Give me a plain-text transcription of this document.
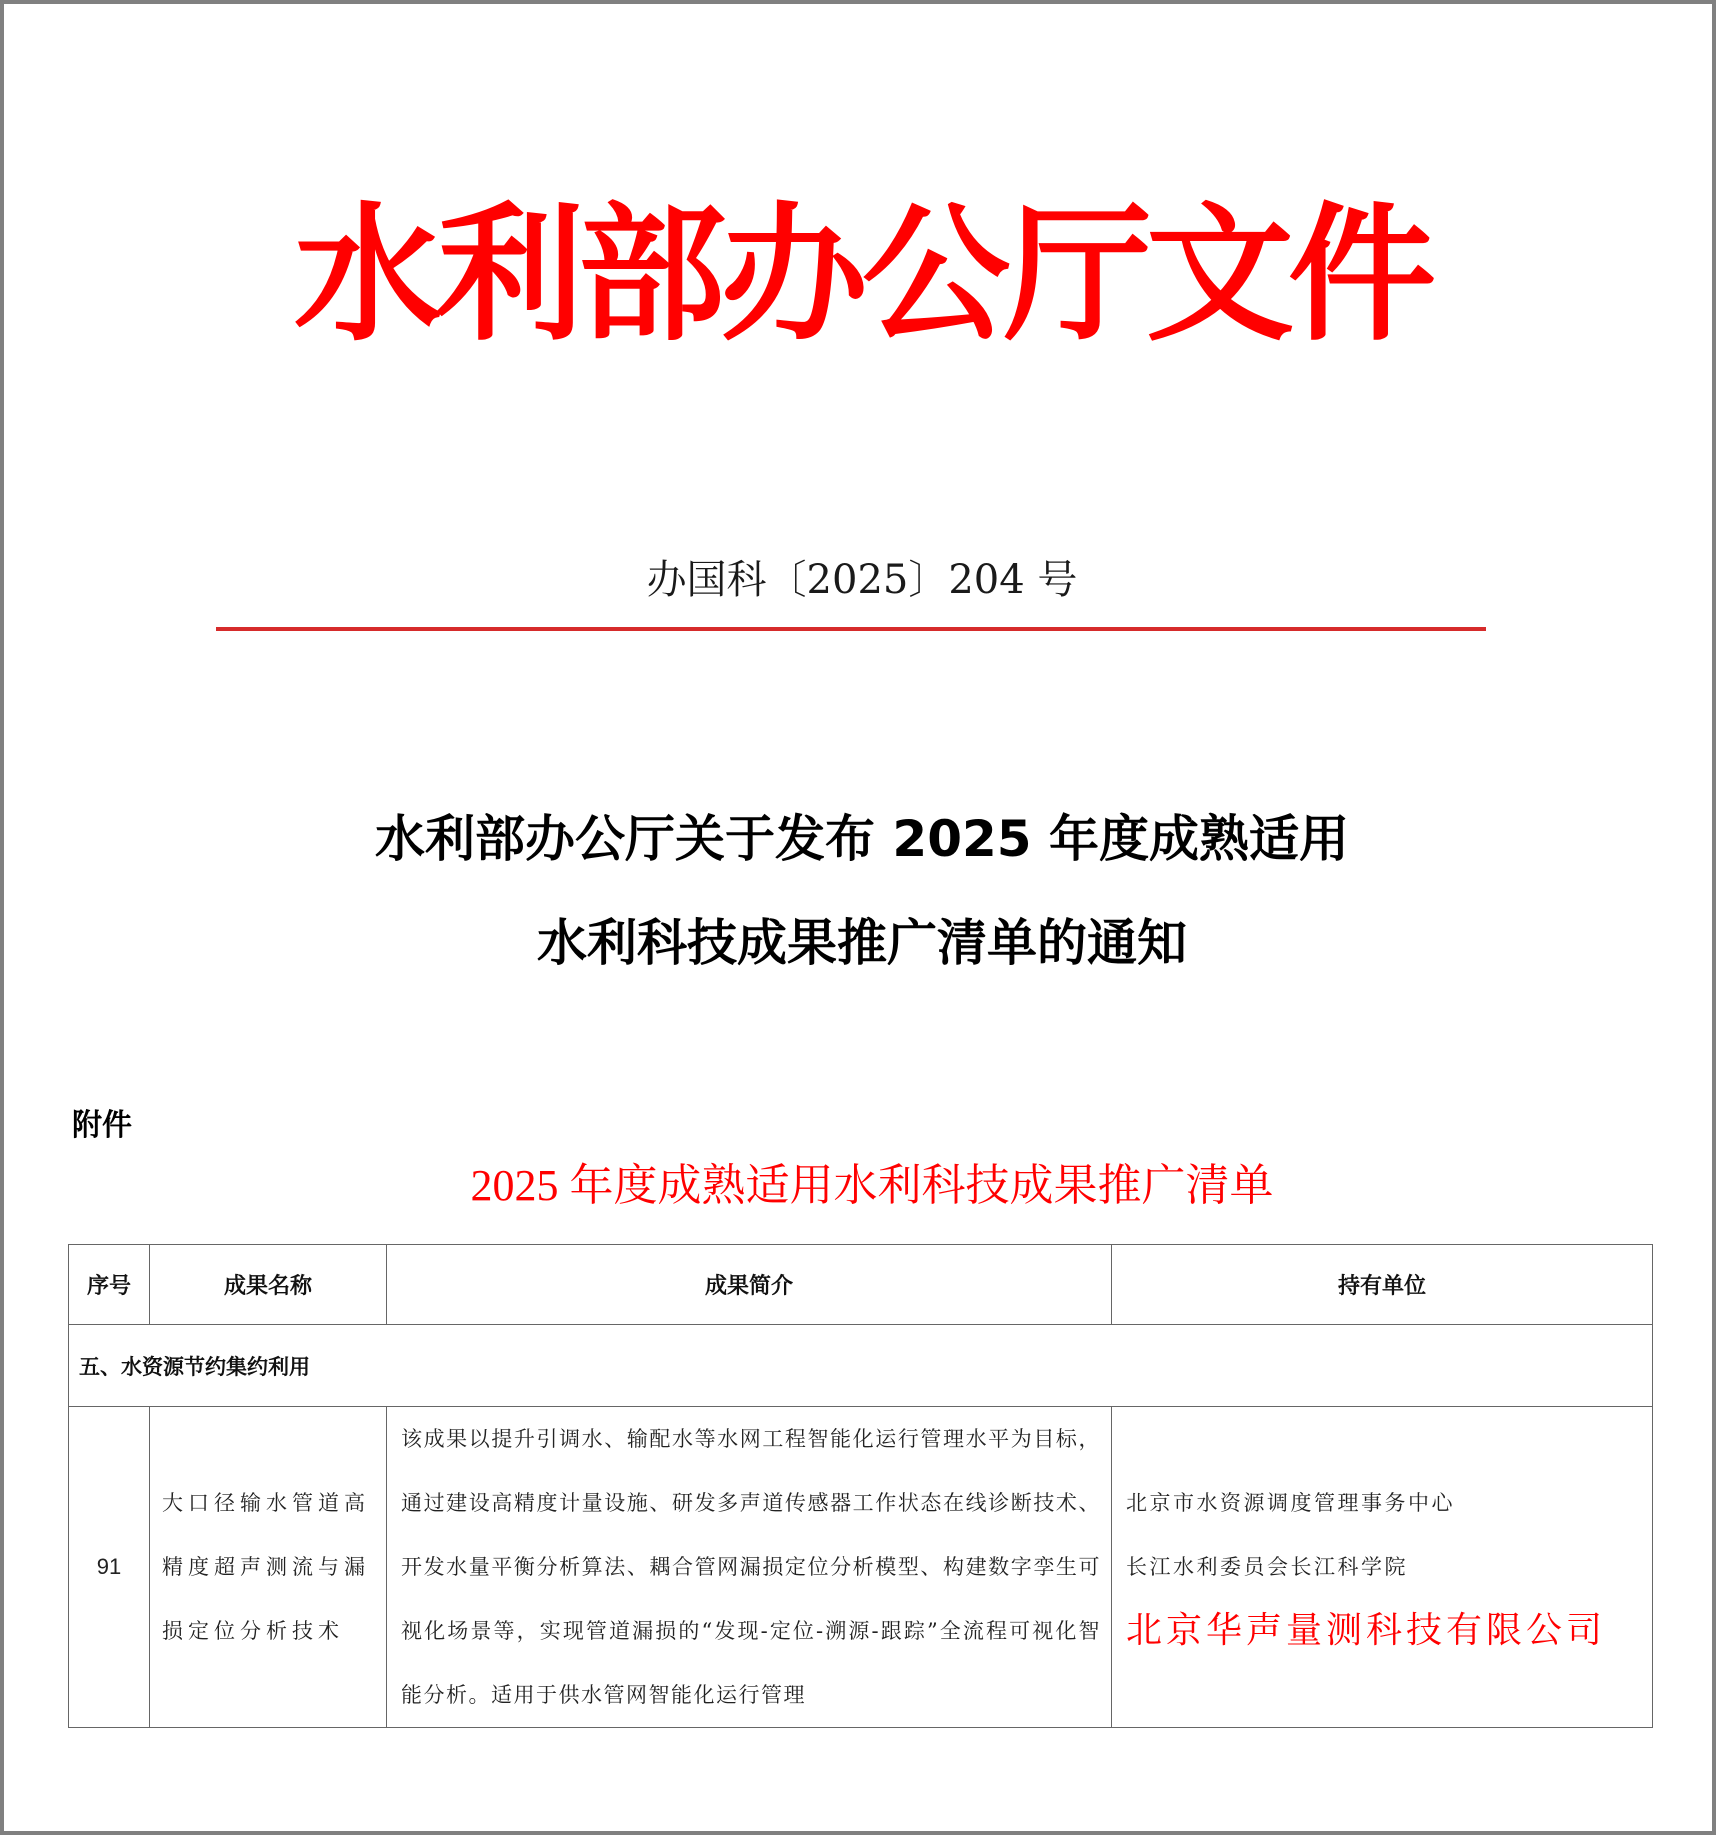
水利部办公厅文件
办国科〔2025〕204 号
水利部办公厅关于发布 2025 年度成熟适用
水利科技成果推广清单的通知
附件
2025 年度成熟适用水利科技成果推广清单
序号	成果名称	成果简介	持有单位
五、水资源节约集约利用			
91	大口径输水管道高精度超声测流与漏损定位分析技术	该成果以提升引调水、输配水等水网工程智能化运行管理水平为目标，通过建设高精度计量设施、研发多声道传感器工作状态在线诊断技术、开发水量平衡分析算法、耦合管网漏损定位分析模型、构建数字孪生可视化场景等，实现管道漏损的“发现-定位-溯源-跟踪”全流程可视化智能分析。适用于供水管网智能化运行管理	北京市水资源调度管理事务中心
长江水利委员会长江科学院
北京华声量测科技有限公司
